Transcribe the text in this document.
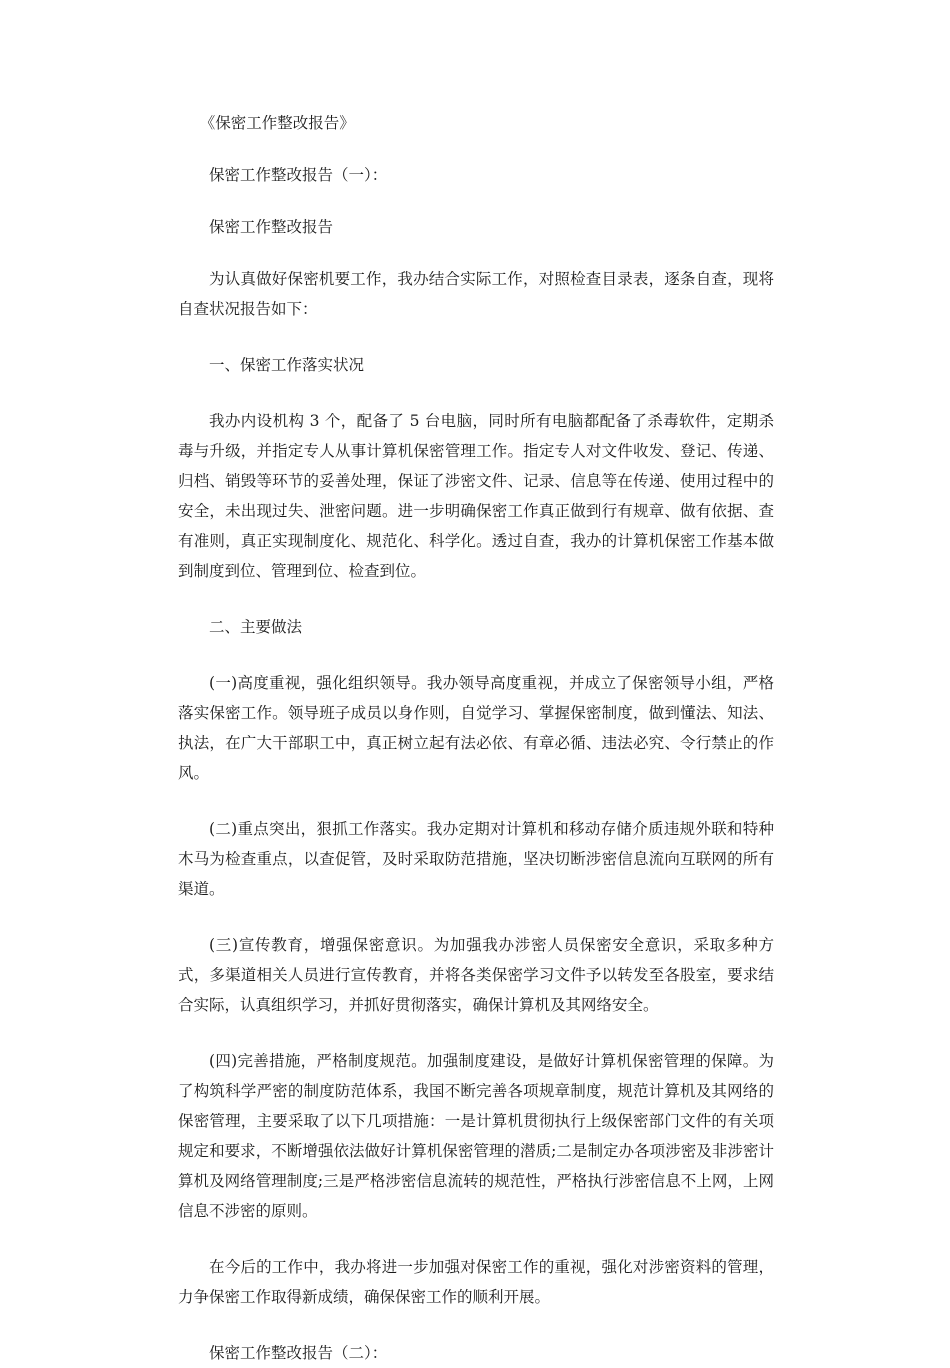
《保密工作整改报告》

保密工作整改报告（一）：

保密工作整改报告

为认真做好保密机要工作，我办结合实际工作，对照检查目录表，逐条自查，现将自查状况报告如下：

一、保密工作落实状况

我办内设机构 3 个，配备了 5 台电脑，同时所有电脑都配备了杀毒软件，定期杀毒与升级，并指定专人从事计算机保密管理工作。指定专人对文件收发、登记、传递、归档、销毁等环节的妥善处理，保证了涉密文件、记录、信息等在传递、使用过程中的安全，未出现过失、泄密问题。进一步明确保密工作真正做到行有规章、做有依据、查有准则，真正实现制度化、规范化、科学化。透过自查，我办的计算机保密工作基本做到制度到位、管理到位、检查到位。

二、主要做法

(一)高度重视，强化组织领导。我办领导高度重视，并成立了保密领导小组，严格落实保密工作。领导班子成员以身作则，自觉学习、掌握保密制度，做到懂法、知法、执法，在广大干部职工中，真正树立起有法必依、有章必循、违法必究、令行禁止的作风。

(二)重点突出，狠抓工作落实。我办定期对计算机和移动存储介质违规外联和特种木马为检查重点，以查促管，及时采取防范措施，坚决切断涉密信息流向互联网的所有渠道。

(三)宣传教育，增强保密意识。为加强我办涉密人员保密安全意识，采取多种方式，多渠道相关人员进行宣传教育，并将各类保密学习文件予以转发至各股室，要求结合实际，认真组织学习，并抓好贯彻落实，确保计算机及其网络安全。

(四)完善措施，严格制度规范。加强制度建设，是做好计算机保密管理的保障。为了构筑科学严密的制度防范体系，我国不断完善各项规章制度，规范计算机及其网络的保密管理，主要采取了以下几项措施：一是计算机贯彻执行上级保密部门文件的有关项规定和要求，不断增强依法做好计算机保密管理的潜质;二是制定办各项涉密及非涉密计算机及网络管理制度;三是严格涉密信息流转的规范性，严格执行涉密信息不上网，上网信息不涉密的原则。

在今后的工作中，我办将进一步加强对保密工作的重视，强化对涉密资料的管理，力争保密工作取得新成绩，确保保密工作的顺利开展。

保密工作整改报告（二）：
